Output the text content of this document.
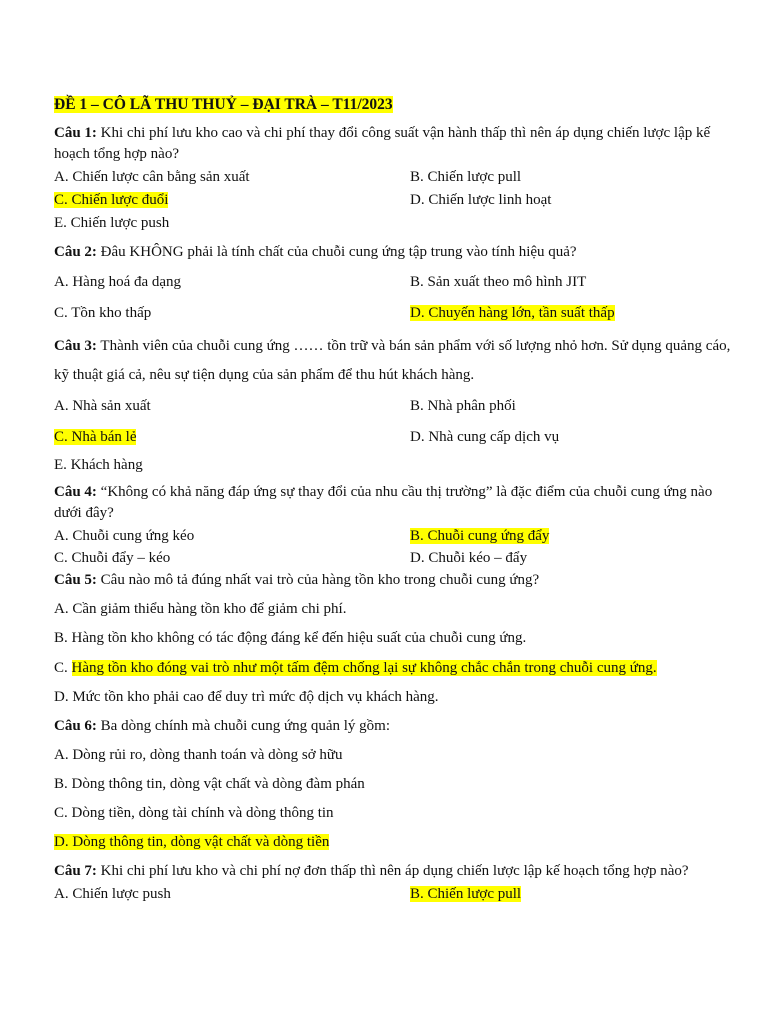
ĐỀ 1 – CÔ LÃ THU THUỶ – ĐẠI TRÀ – T11/2023
Câu 1: Khi chi phí lưu kho cao và chi phí thay đổi công suất vận hành thấp thì nên áp dụng chiến lược lập kế hoạch tổng hợp nào?
A. Chiến lược cân bằng sản xuất	B. Chiến lược pull
C. Chiến lược đuổi	D. Chiến lược linh hoạt
E. Chiến lược push
Câu 2: Đâu KHÔNG phải là tính chất của chuỗi cung ứng tập trung vào tính hiệu quả?
A. Hàng hoá đa dạng	B. Sản xuất theo mô hình JIT
C. Tồn kho thấp	D. Chuyến hàng lớn, tần suất thấp
Câu 3: Thành viên của chuỗi cung ứng …… tồn trữ và bán sản phẩm với số lượng nhỏ hơn. Sử dụng quảng cáo, kỹ thuật giá cả, nêu sự tiện dụng của sản phẩm để thu hút khách hàng.
A. Nhà sản xuất	B. Nhà phân phối
C. Nhà bán lẻ	D. Nhà cung cấp dịch vụ
E. Khách hàng
Câu 4: “Không có khả năng đáp ứng sự thay đổi của nhu cầu thị trường” là đặc điểm của chuỗi cung ứng nào dưới đây?
A. Chuỗi cung ứng kéo	B. Chuỗi cung ứng đẩy
C. Chuỗi đẩy – kéo	D. Chuỗi kéo – đẩy
Câu 5: Câu nào mô tả đúng nhất vai trò của hàng tồn kho trong chuỗi cung ứng?
A. Cần giảm thiểu hàng tồn kho để giảm chi phí.
B. Hàng tồn kho không có tác động đáng kể đến hiệu suất của chuỗi cung ứng.
C. Hàng tồn kho đóng vai trò như một tấm đệm chống lại sự không chắc chắn trong chuỗi cung ứng.
D. Mức tồn kho phải cao để duy trì mức độ dịch vụ khách hàng.
Câu 6: Ba dòng chính mà chuỗi cung ứng quản lý gồm:
A. Dòng rủi ro, dòng thanh toán và dòng sở hữu
B. Dòng thông tin, dòng vật chất và dòng đàm phán
C. Dòng tiền, dòng tài chính và dòng thông tin
D. Dòng thông tin, dòng vật chất và dòng tiền
Câu 7: Khi chi phí lưu kho và chi phí nợ đơn thấp thì nên áp dụng chiến lược lập kế hoạch tổng hợp nào?
A. Chiến lược push	B. Chiến lược pull
